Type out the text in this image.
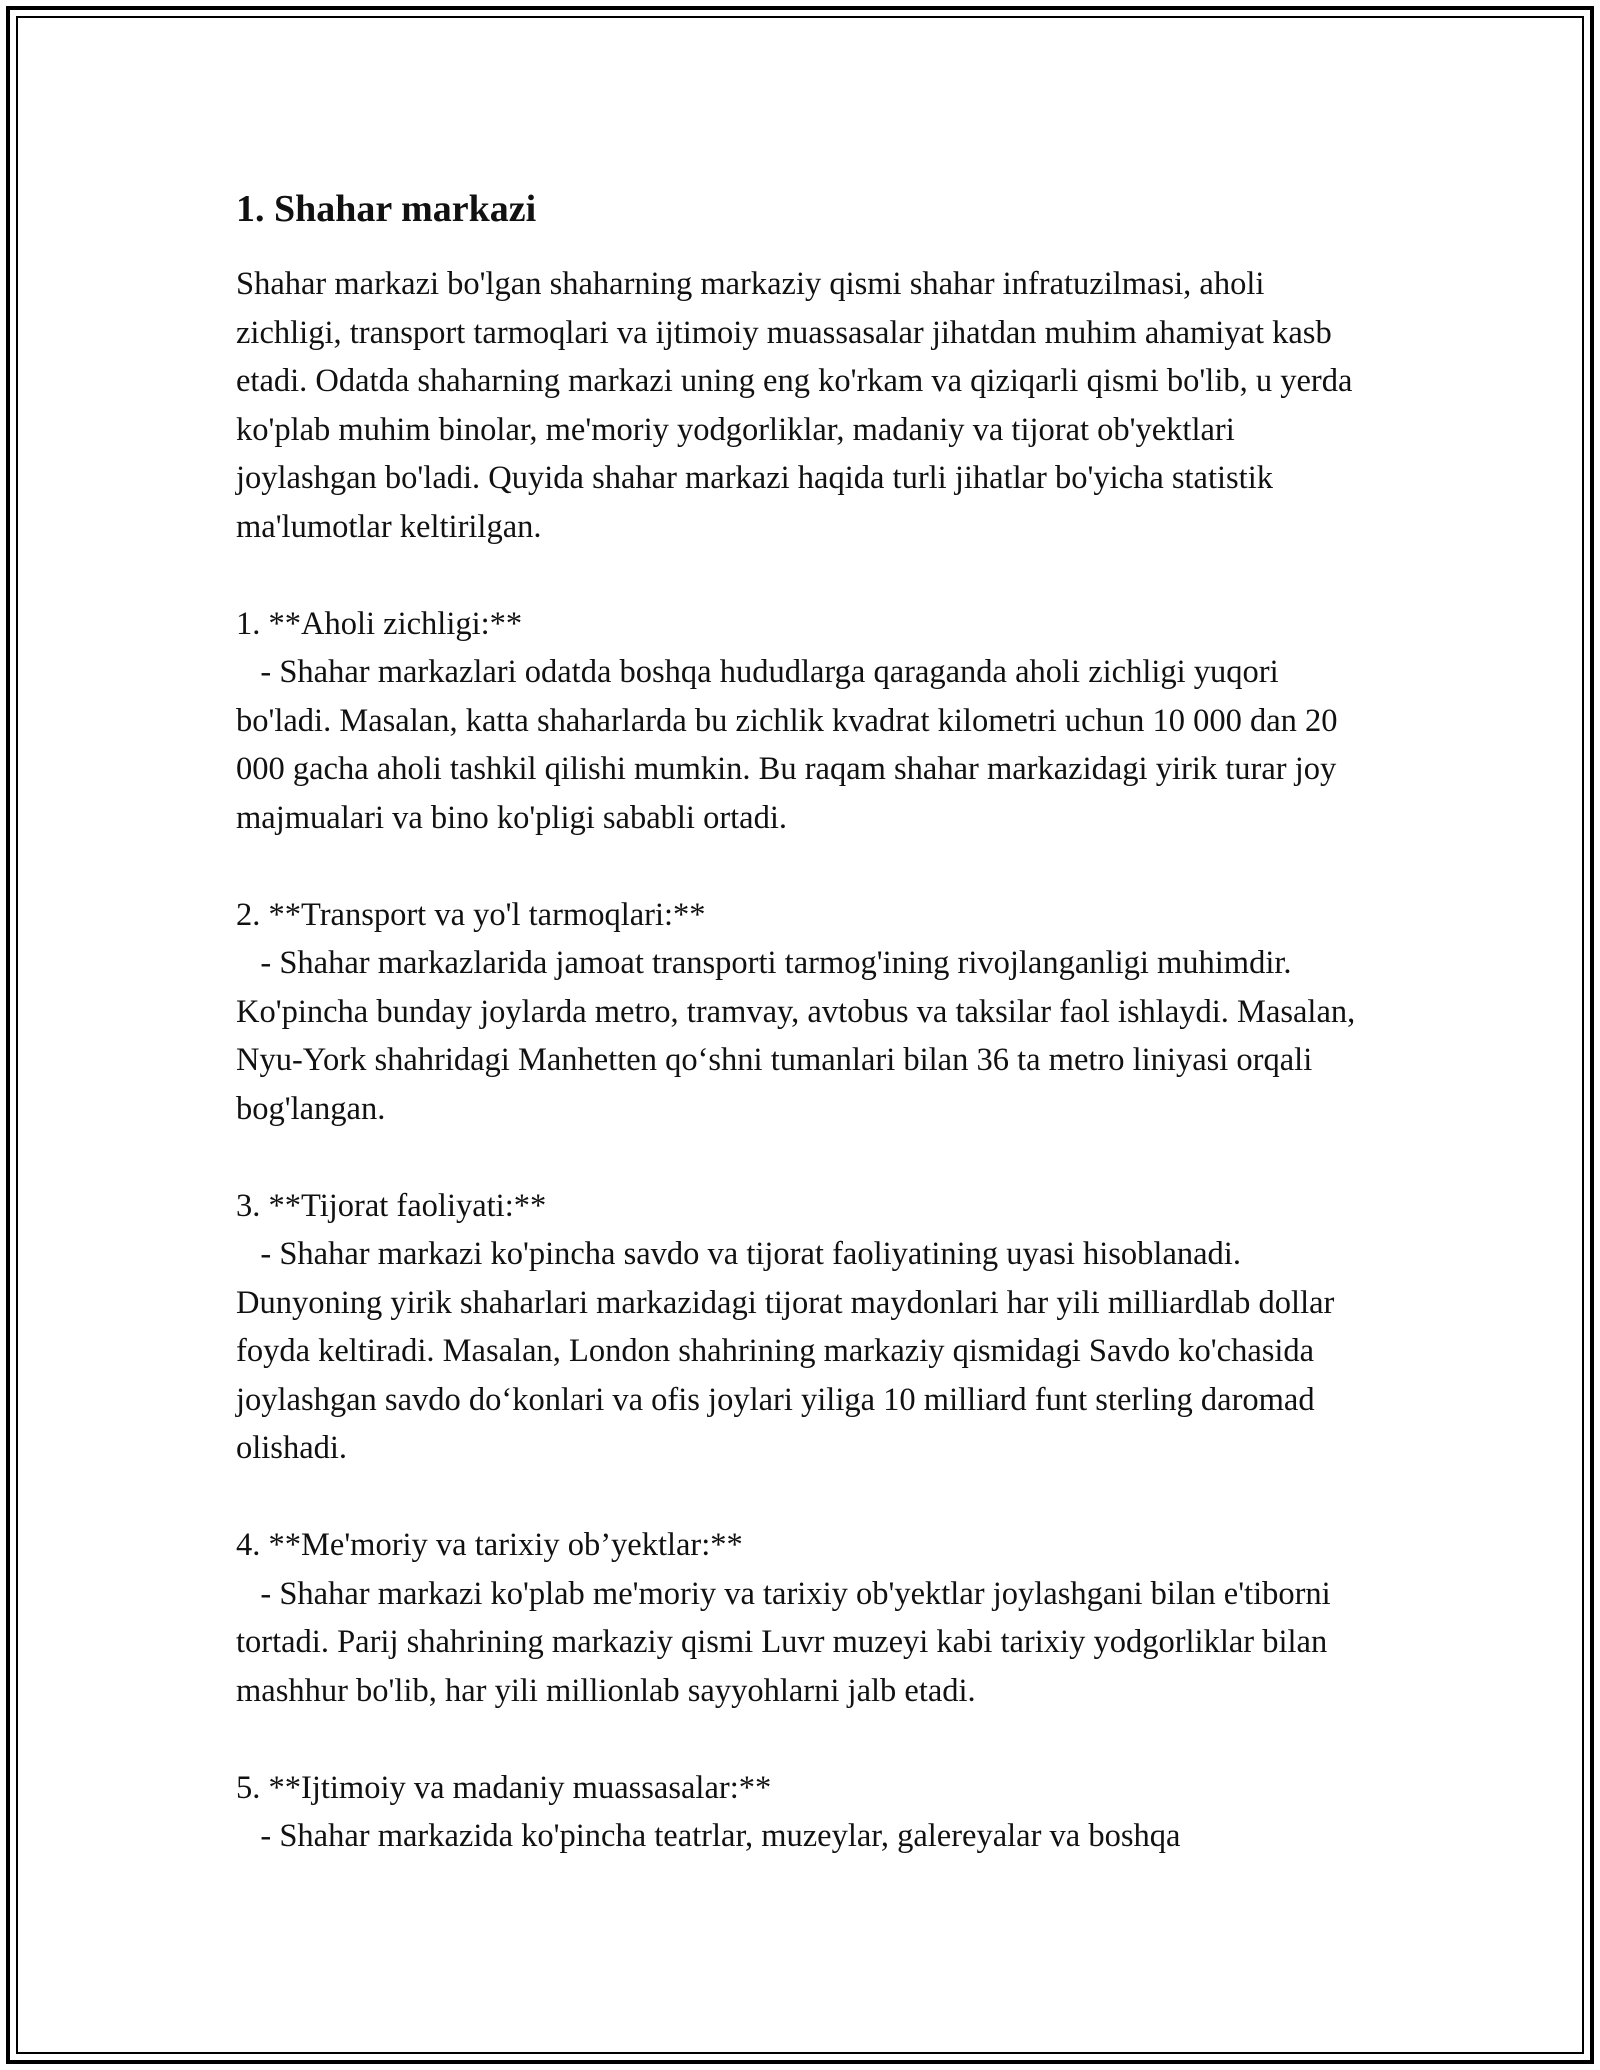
1. Shahar markazi

Shahar markazi bo'lgan shaharning markaziy qismi shahar infratuzilmasi, aholi zichligi, transport tarmoqlari va ijtimoiy muassasalar jihatdan muhim ahamiyat kasb etadi. Odatda shaharning markazi uning eng ko'rkam va qiziqarli qismi bo'lib, u yerda ko'plab muhim binolar, me'moriy yodgorliklar, madaniy va tijorat ob'yektlari joylashgan bo'ladi. Quyida shahar markazi haqida turli jihatlar bo'yicha statistik ma'lumotlar keltirilgan.

1. **Aholi zichligi:**

- Shahar markazlari odatda boshqa hududlarga qaraganda aholi zichligi yuqori bo'ladi. Masalan, katta shaharlarda bu zichlik kvadrat kilometri uchun 10 000 dan 20 000 gacha aholi tashkil qilishi mumkin. Bu raqam shahar markazidagi yirik turar joy majmualari va bino ko'pligi sababli ortadi.

2. **Transport va yo'l tarmoqlari:**

- Shahar markazlarida jamoat transporti tarmog'ining rivojlanganligi muhimdir. Ko'pincha bunday joylarda metro, tramvay, avtobus va taksilar faol ishlaydi. Masalan, Nyu-York shahridagi Manhetten qo‘shni tumanlari bilan 36 ta metro liniyasi orqali bog'langan.

3. **Tijorat faoliyati:**

- Shahar markazi ko'pincha savdo va tijorat faoliyatining uyasi hisoblanadi. Dunyoning yirik shaharlari markazidagi tijorat maydonlari har yili milliardlab dollar foyda keltiradi. Masalan, London shahrining markaziy qismidagi Savdo ko'chasida joylashgan savdo do‘konlari va ofis joylari yiliga 10 milliard funt sterling daromad olishadi.

4. **Me'moriy va tarixiy ob’yektlar:**

- Shahar markazi ko'plab me'moriy va tarixiy ob'yektlar joylashgani bilan e'tiborni tortadi. Parij shahrining markaziy qismi Luvr muzeyi kabi tarixiy yodgorliklar bilan mashhur bo'lib, har yili millionlab sayyohlarni jalb etadi.

5. **Ijtimoiy va madaniy muassasalar:**

- Shahar markazida ko'pincha teatrlar, muzeylar, galereyalar va boshqa
